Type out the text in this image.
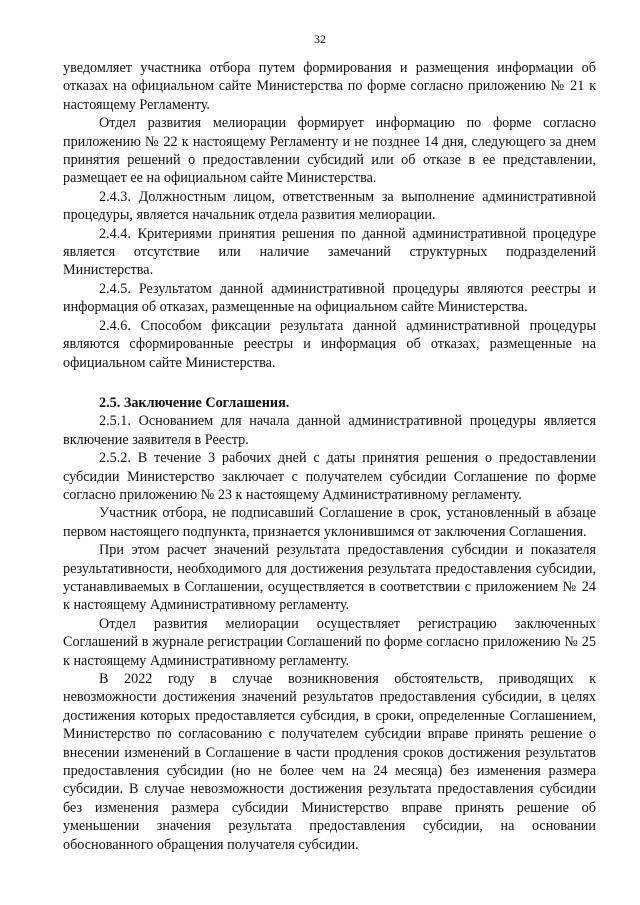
32

уведомляет участника отбора путем формирования и размещения информации об отказах на официальном сайте Министерства по форме согласно приложению № 21 к настоящему Регламенту.

Отдел развития мелиорации формирует информацию по форме согласно приложению № 22 к настоящему Регламенту и не позднее 14 дня, следующего за днем принятия решений о предоставлении субсидий или об отказе в ее представлении, размещает ее на официальном сайте Министерства.

2.4.3. Должностным лицом, ответственным за выполнение административной процедуры, является начальник отдела развития мелиорации.

2.4.4. Критериями принятия решения по данной административной процедуре является отсутствие или наличие замечаний структурных подразделений Министерства.

2.4.5. Результатом данной административной процедуры являются реестры и информация об отказах, размещенные на официальном сайте Министерства.

2.4.6. Способом фиксации результата данной административной процедуры являются сформированные реестры и информация об отказах, размещенные на официальном сайте Министерства.

2.5. Заключение Соглашения.

2.5.1. Основанием для начала данной административной процедуры является включение заявителя в Реестр.

2.5.2. В течение 3 рабочих дней с даты принятия решения о предоставлении субсидии Министерство заключает с получателем субсидии Соглашение по форме согласно приложению № 23 к настоящему Административному регламенту.

Участник отбора, не подписавший Соглашение в срок, установленный в абзаце первом настоящего подпункта, признается уклонившимся от заключения Соглашения.

При этом расчет значений результата предоставления субсидии и показателя результативности, необходимого для достижения результата предоставления субсидии, устанавливаемых в Соглашении, осуществляется в соответствии с приложением № 24 к настоящему Административному регламенту.

Отдел развития мелиорации осуществляет регистрацию заключенных Соглашений в журнале регистрации Соглашений по форме согласно приложению № 25 к настоящему Административному регламенту.

В 2022 году в случае возникновения обстоятельств, приводящих к невозможности достижения значений результатов предоставления субсидии, в целях достижения которых предоставляется субсидия, в сроки, определенные Соглашением, Министерство по согласованию с получателем субсидии вправе принять решение о внесении изменений в Соглашение в части продления сроков достижения результатов предоставления субсидии (но не более чем на 24 месяца) без изменения размера субсидии. В случае невозможности достижения результата предоставления субсидии без изменения размера субсидии Министерство вправе принять решение об уменьшении значения результата предоставления субсидии, на основании обоснованного обращения получателя субсидии.
